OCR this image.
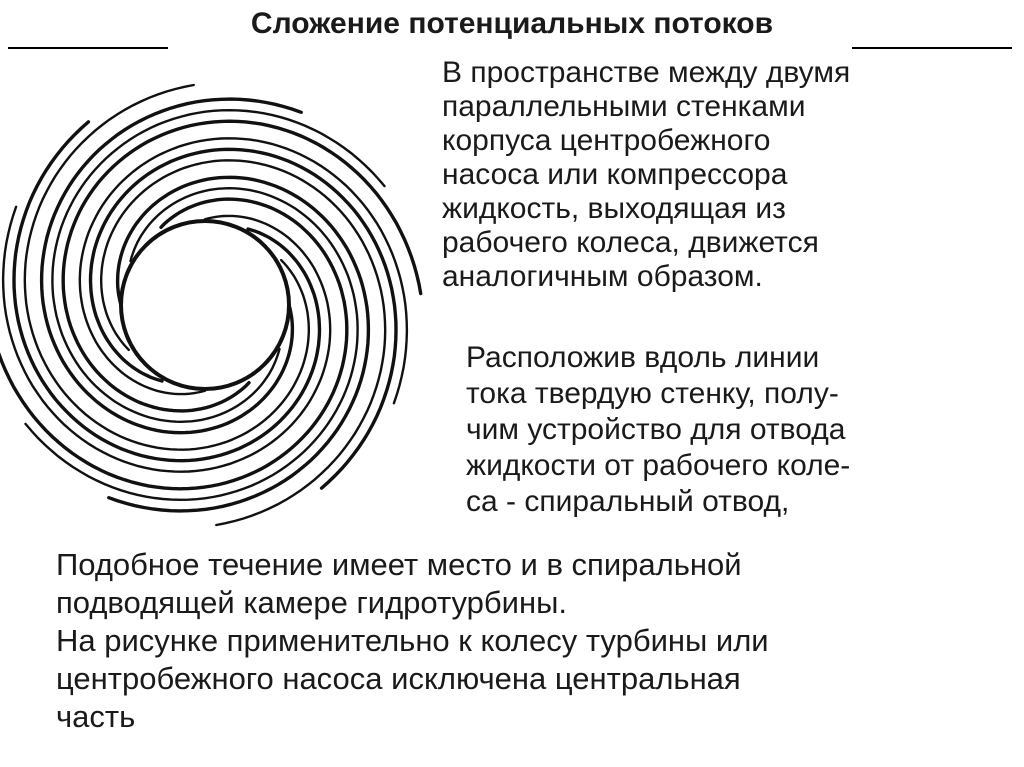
Сложение потенциальных потоков

В пространстве между двумя
параллельными стенками
корпуса центробежного
насоса или компрессора
жидкость, выходящая из
рабочего колеса, движется
аналогичным образом.

Расположив вдоль линии
тока твердую стенку, полу-
чим устройство для отвода
жидкости от рабочего коле-
са - спиральный отвод,

Подобное течение имеет место и в спиральной
подводящей камере гидротурбины.
На рисунке применительно к колесу турбины или
центробежного насоса исключена центральная
часть
